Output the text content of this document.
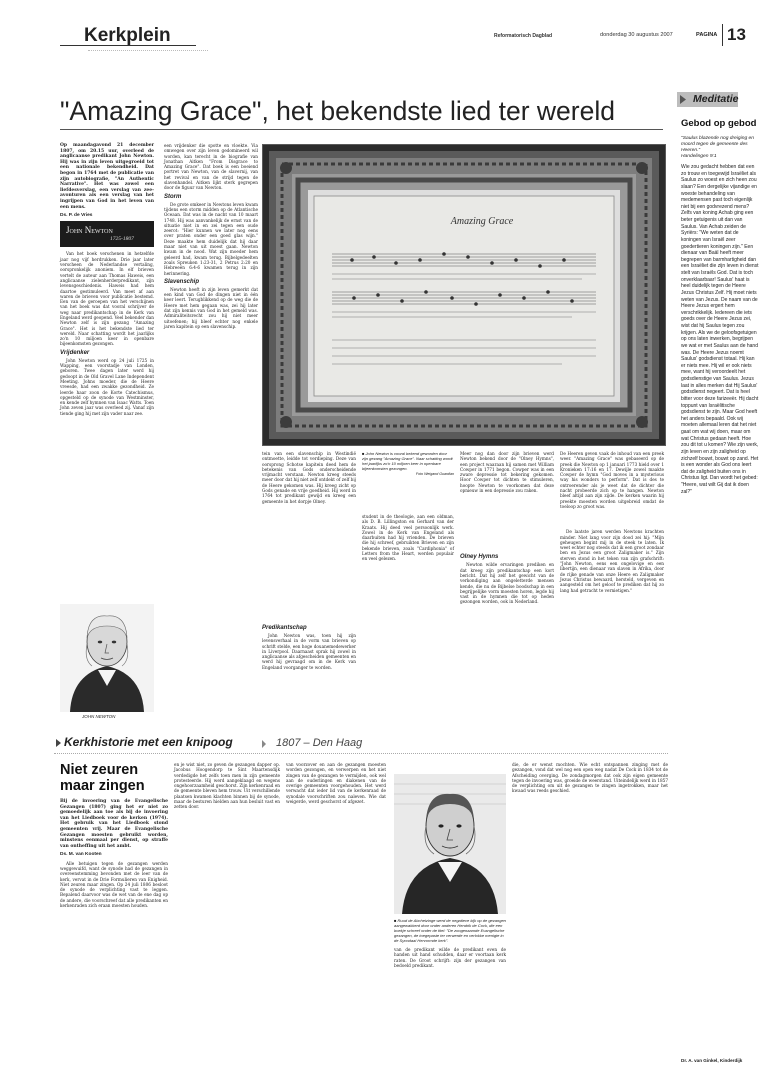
Kerkplein	Reformatorisch Dagblad	donderdag 30 augustus 2007	PAGINA 13
"Amazing Grace", het bekendste lied ter wereld

Op maandagavond 21 december 1807, om 20.15 uur, overleed de anglicaanse predikant John Newton. Hij was in zijn leven uitgegroeid tot een nationale bekendheid. Dat begon in 1764 met de publicatie van zijn autobiografie, "An Authentic Narrative". Het was zowel een liefdesverslag, een verslag van zee-avonturen als een verslag van het ingrijpen van God in het leven van een mens.

Ds. P. de Vries
John Newton
1725-1807

Van het boek verschenen in hetzelfde jaar nog vijf herdrukken. Drie jaar later verscheen de Nederlandse vertaling, oorspronkelijk anoniem. In elf brieven vertelt de auteur aan Thomas Haweis, een anglicaanse zielenherderpredikant, zijn levensgeschiedenis. Haweis had hem daartoe gestimuleerd. Van meet af aan waren de brieven voor publicatie bestemd. Een van de geroepen van het verschijnen van het boek was dat vooral schrijver de weg naar predikantschap in de Kerk van Engeland werd geopend. Veel bekender dan Newton zelf is zijn gezang "Amazing Grace". Het is het bekendste lied ter wereld. Naar schatting wordt het jaarlijks zo'n 10 miljoen keer in openbare bijeenkomsten gezongen.

Vrijdenker

John Newton werd op 24 juli 1725 in Wapping, een voorstadje van Londen, geboren. Twee dagen later werd hij gedoopt in de Old Gravel Lane Independent Meeting. Johns moeder, die de Heere vreesde, had een zwakke gezondheid. Ze leerde haar zoon de Korte Catechismus, opgesteld op de synode van Westminster, en kende zelf hymnen van Isaac Watts. Toen John zeven jaar was overleed zij. Vanaf zijn tiende ging hij met zijn vader naar zee.

JOHN NEWTON

een vrijdenker die spotte en vloekte. Via omwegen over zijn leven gedomineerd wil worden, kan terecht in de biografie van Jonathan Aitken "From Disgrace to Amazing Grace". Dat boek is een boeiend portret van Newton, van de slavernij, van het revival en van de strijd tegen de slavenhandel. Aitken lijkt sterk gegrepen door de figuur van Newton.

Storm

De grote omkeer in Newtons leven kwam tijdens een storm midden op de Atlantische Oceaan. Dat was in de nacht van 10 maart 1748. Hij was aanvankelijk de ernst van de situatie niet in en zei tegen een oude zeerot: "Hier kunnen we later nog eens over praten onder een goed glas wijn." Deze maakte hem duidelijk dat hij daar maar niet van uit moest gaan. Newton kwam in de nood. Wat zijn moeder hem geleerd had, kwam terug. Bijbelgedeelten zoals Spreuken 1:23-31, 2 Petrus 2:20 en Hebreeën 6:4-6 kwamen terug in zijn herinnering.

Slavenschip

Newton heeft in zijn leven gemerkt dat een kind van God de dingen niet in één keer leert. Terugblikkend op de weg die de Heere met hem gegaan was, zei hij later dat zijn kennis van God in het gemeld was. Admiraliteitsrecht zou hij niet meer uitoefenen; hij bleef echter nog enkele jaren kapitein op een slavenschip.

Amazing Grace

tein van een slavenschip in Westindië ontmoette, leidde tot verdieping. Deze van oorsprong Schotse kapitein deed hem de betekenis van Gods onderscheidende vrijmacht verstaan. Newton kreeg steeds meer door dat hij niet zelf ontdekt of zelf bij de Heere gekomen was. Hij kreeg zicht op Gods genade en vrije goedheid. Hij werd in 1764 tot predikant gewijd en kreeg een gemeente in het dorpje Olney.

Predikantschap

John Newton was, toen hij zijn levensverhaal in de vorm van brieven op schrift stelde, een hoge douanemedewerker in Liverpool. Daarnaast sprak hij zowel in anglicaanse als afgescheiden gemeenten en werd hij gevraagd om in de Kerk van Engeland voorganger te worden.

■ John Newton is vooral bekend geworden door zijn gezang "Amazing Grace". Naar schatting wordt het jaarlijks zo'n 10 miljoen keer in openbare bijeenkomsten gezongen.
Foto Weigand Guardian

student in de theologie, aan een oldman, als D. B. Lillingston en Gerhard van der Kraats. Hij deed veel persoonlijk werk. Zowel in de Kerk van Engeland als daarbuiten had hij vrienden. De brieven die hij schreef, gebruikten Brieven en zijn bekende brieven, zoals "Cardiphonia" of Letters from the Heart, werden populair en veel gelezen.

Meer nog dan door zijn brieven werd Newton bekend door de "Olney Hymns", een project waaraan hij samen met William Cowper in 1771 begon. Cowper was in een zware depressie tot bekering gekomen. Hoor Cowper tot dichten te stimuleren, hoopte Newton te voorkomen dat deze opnieuw in een depressie zou raken.

Olney Hymns

Newton wilde ervaringen prediken en dat kreeg zijn predikantschap een kort bericht. Dat hij zelf het gewicht van de verkondiging aan ongeletterde mensen kende, die nu de Bijbelse boodschap in een begrijpelijke vorm moesten horen, legde hij vast in de hymnen die tot op heden gezongen worden, ook in Nederland.

De Heeren geven vaak de inhoud van een preek weer. "Amazing Grace" was gebaseerd op de preek die Newton op 1 januari 1773 hield over 1 Kronieken 17:16 en 17. Dewijle zowel maakte Cowper de hymn "God moves in a mysterious way his wonders to perform". Dat is des te ontroerender als je weet dat de dichter die nacht probeerde zich op te hangen. Newton bleef altijd aan zijn zijde. De kerken waarin hij preekte moesten worden uitgebreid omdat de toeloop zo groot was.

De laatste jaren werden Newtons krachten minder. Niet lang voor zijn dood zei hij: "Mijn geheugen begint mij in de steek te laten. Ik weet echter nog steeds dat ik een groot zondaar ben en Jezus een groot Zaligmaker is." Zijn sterven stond in het teken van zijn grafschrift: "John Newton, eens een ongelovige en een libertijn, een dienaar van slaven in Afrika, door de rijke genade van onze Heere en Zaligmaker Jezus Christus bewaard, hersteld, vergeven en aangesteld om het geloof te prediken dat hij zo lang had getracht te vernietigen."

Meditatie
Gebod op gebod
"Saulus blazende nog dreiging en moord tegen de gemeente des Heeren."
Handelingen 9:1
Wie zou gedacht hebben dat een zo trouw en toegewijd Israëliet als Saulus zo woest en zich heen zou slaan? Een dergelijke vijandige en woeste behandeling van medemensen past toch eigenlijk niet bij een godvrezend mens? Zelfs van koning Achab ging een beter getuigenis uit dan van Saulus. Van Achab zeiden de Syriërs: "We weten dat de koningen van Israël zeer goedertieren koningen zijn." Een dienaar van Baäl heeft meer begrepen van barmhartigheid dan een Israëliet die zijn leven in dienst stelt van Israëls God. Dat is toch onverklaarbaar! Saulus' haat is heel duidelijk tegen de Heere Jezus Christus Zelf. Hij moet niets weten van Jezus. De naam van de Heere Jezus ergert hem verschrikkelijk. Iedereen die iets goeds over de Heere Jezus zei, wist dat hij Saulus tegen zou krijgen. Als we de geloofsgetuigen op ons laten inwerken, begrijpen we wat er met Saulus aan de hand was. De Heere Jezus noemt Saulus' godsdienst totaal. Hij kan er niets mee. Hij wil er ook niets mee, want hij veroordeelt het godsdienstige van Saulus. Jezus laat in alles merken dat Hij Saulus' godsdienst negeert. Dat is heel bitter voor deze farizeeër. Hij dacht toppunt van Israëlitische godsdienst te zijn. Maar God heeft het anders bepaald. Ook wij moeten allemaal leren dat het niet gaat om wat wij doen, maar om wat Christus gedaan heeft. Hoe zou dit tot u komen? Wie zijn werk, zijn leven en zijn zaligheid op zichzelf bouwt, bouwt op zand. Het is een wonder als God ons leert dat de zaligheid buiten ons in Christus ligt. Dan wordt het gebed: "Heere, wat wilt Gij dat ik doen zal?"
Dr. A. van Ginkel, Kinderdijk
Kerkhistorie met een knipoog	1807 – Den Haag
Niet zeuren maar zingen

Bij de invoering van de Evangelische Gezangen (1807) ging het er niet zo gemoedelijk aan toe als bij de invoering van het Liedboek voor de kerken (1974). Het gebruik van het Liedboek stond gemeenten vrij. Maar de Evangelische Gezangen moesten gebruikt worden, minstens eenmaal per dienst, op straffe van ontheffing uit het ambt.

Ds. M. van Kooten

Alle betuigen tegen de gezangen werden weggewuifd, want de synode had de gezangen in overeenstemming bevonden met de leer van de kerk, vervat in de Drie Formulieren van Enigheid. Niet zeuren maar zingen. Op 24 juli 1806 besloot de synode de verplichting vast te leggen. Bepalend daarvoor was de wet van de ene dag op de andere, die voorschreef dat alle predikanten en kerkenraden zich eraan moesten houden.

en je wist niet, zo geven de gezangen dapper op. Jacobus Hoogendorp te Sint Maartensdijk verdedigde het zelfs toen men in zijn gemeente protesteerde. Hij werd aangeklaagd en wegens ongehoorzaamheid geschorst. Zijn kerkenraad en de gemeente bleven hem trouw. Uit verschillende plaatsen kwamen klachten binnen bij de synode, maar de besturen hielden aan hun besluit vast en zetten door.

van voorzover en aan de gezangen moesten worden gezongen, en verwerpen en het niet zingen van de gezangen te vermijden, ook wel aan de ouderlingen en diakenen van de overige gemeenten voorgehouden. Het werd verwacht dat ieder lid van de kerkenraad de synodale voorschriften zou naleven. Wie dat weigerde, werd geschorst of afgezet.

■ Ruud de Abcheizinge werd de negatieve kijk op de gezangen aangewakkerd door onder anderen Hendrik de Cock, die een boekje schreef onder de titel: "De zoogenaamde Evangelische gezangen, de toegepaste ter verwerde en verlokke menigte in de Synodaal Hervormde kerk".

van de predikant wilde de predikant even de handen uit hand schudden, daar er voortaan kerk raten. De Groot schrijft: zijn der gezangen van bedoeld predikant.

die, de er wenst mochten. Wie echt ontspannen zinging met de gezangen, vond dat wel nog een open weg nadat De Cock in 1834 tot de Afscheiding overging. De zondagmorgen dat ook zijn eigen gemeente tegen de invoering was, groeide de weerstand. Uiteindelijk werd in 1857 de verplichting om uit de gezangen te zingen ingetrokken, maar het kwaad was reeds geschied.
